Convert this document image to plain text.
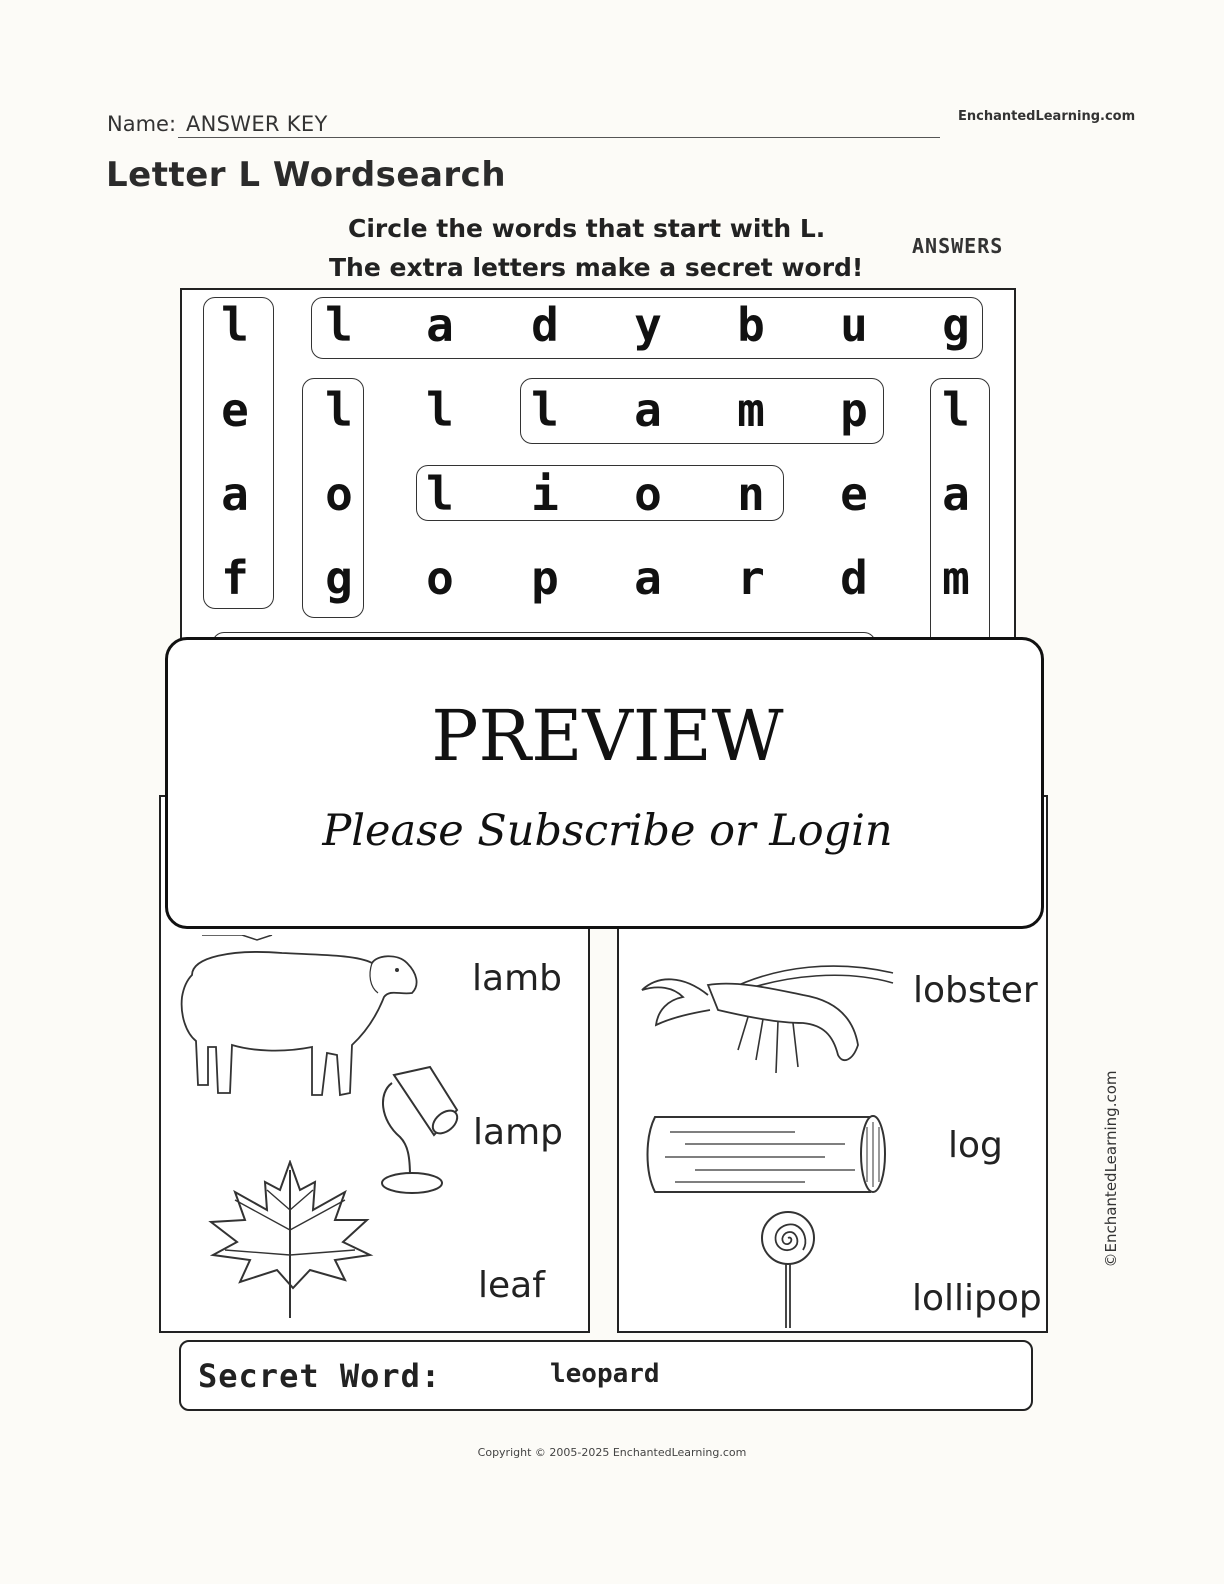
Name: ANSWER KEY	EnchantedLearning.com
Letter L Wordsearch
Circle the words that start with L.
The extra letters make a secret word!
ANSWERS
l	l	a	d	y	b	u	g
e	l	l	l	a	m	p	l
a	o	l	i	o	n	e	a
f	g	o	p	a	r	d	m
lamb
lamp
leaf
lobster
log
lollipop
©EnchantedLearning.com
Secret Word:	leopard
PREVIEW
Please Subscribe or Login
Copyright © 2005-2025 EnchantedLearning.com
